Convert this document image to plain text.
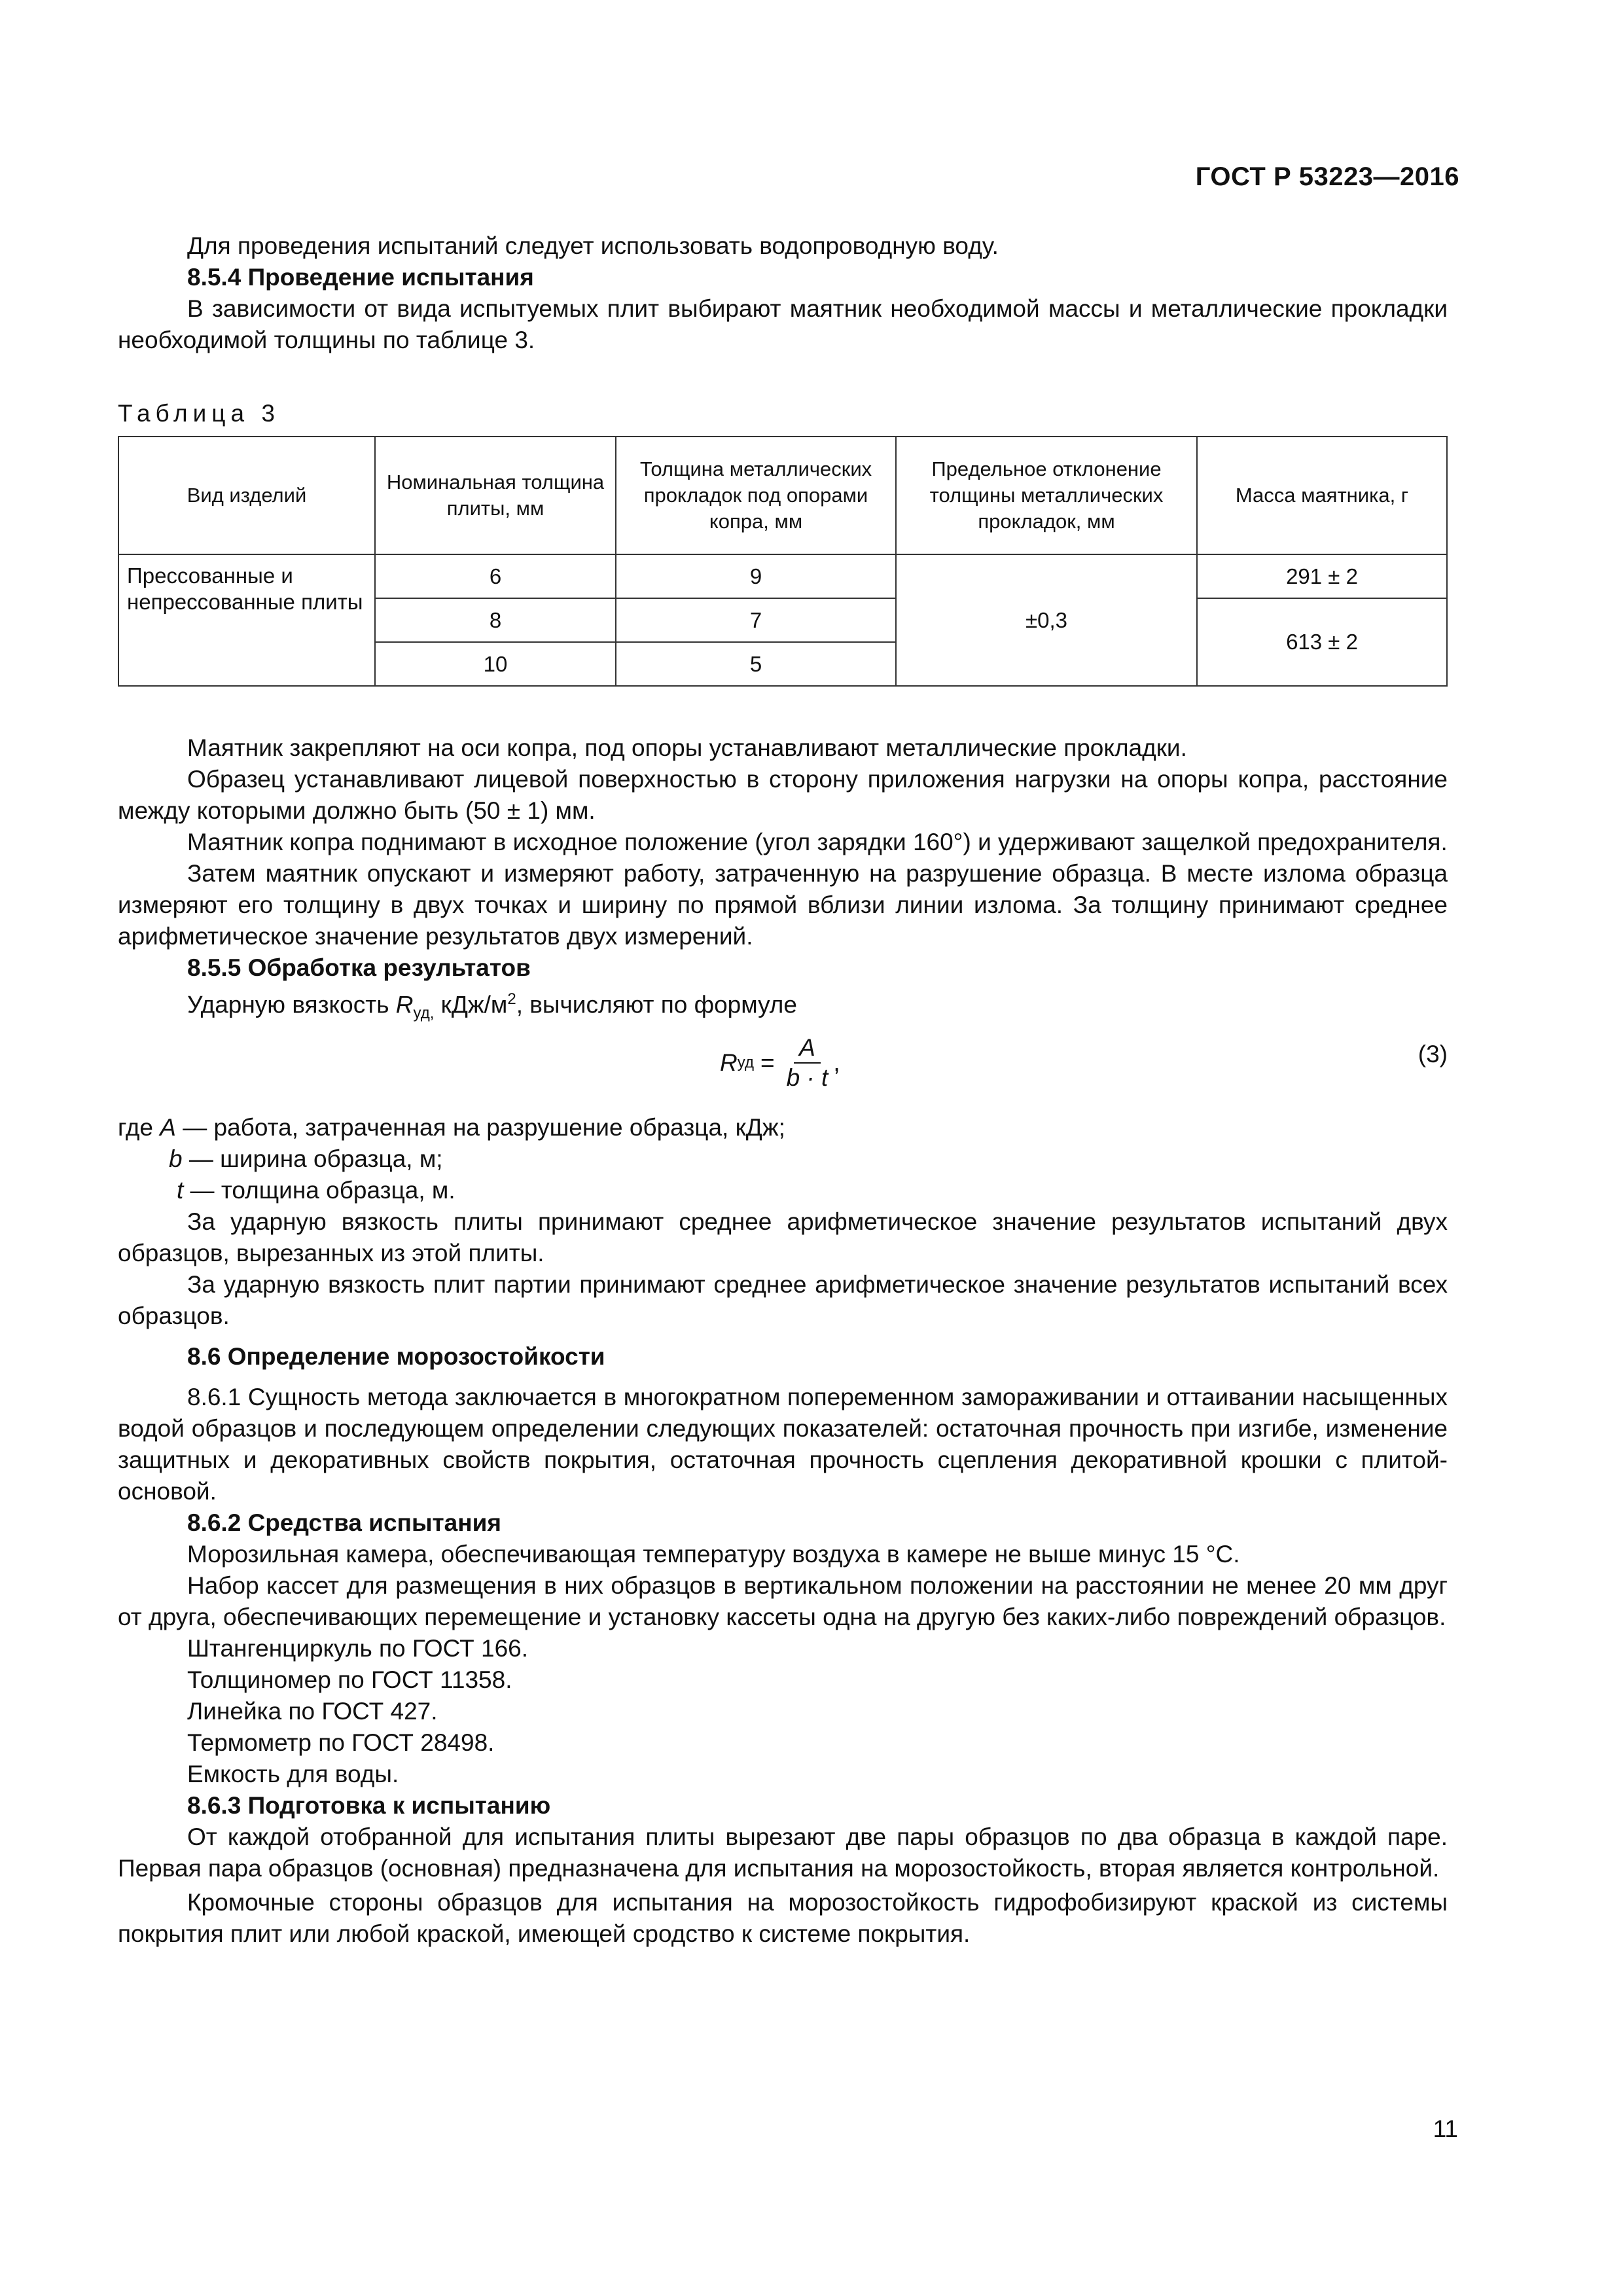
ГОСТ Р 53223—2016

Для проведения испытаний следует использовать водопроводную воду.

8.5.4 Проведение испытания

В зависимости от вида испытуемых плит выбирают маятник необходимой массы и металлические прокладки необходимой толщины по таблице 3.

Таблица 3

Вид изделий	Номинальная толщина плиты, мм	Толщина металлических прокладок под опорами копра, мм	Предельное отклонение толщины металлических прокладок, мм	Масса маятника, г
Прессованные и непрессованные плиты	6	9	±0,3	291 ± 2
	8	7		613 ± 2
	10	5		

Маятник закрепляют на оси копра, под опоры устанавливают металлические прокладки.

Образец устанавливают лицевой поверхностью в сторону приложения нагрузки на опоры копра, расстояние между которыми должно быть (50 ± 1) мм.

Маятник копра поднимают в исходное положение (угол зарядки 160°) и удерживают защелкой предохранителя.

Затем маятник опускают и измеряют работу, затраченную на разрушение образца. В месте излома образца измеряют его толщину в двух точках и ширину по прямой вблизи линии излома. За толщину принимают среднее арифметическое значение результатов двух измерений.

8.5.5 Обработка результатов

Ударную вязкость $R_{уд,}$ кДж/$м^2$, вычисляют по формуле

R уд = $\frac{A}{b \cdot t}$ ,	(3)

где A — работа, затраченная на разрушение образца, кДж;

b — ширина образца, м;

t — толщина образца, м.

За ударную вязкость плиты принимают среднее арифметическое значение результатов испытаний двух образцов, вырезанных из этой плиты.

За ударную вязкость плит партии принимают среднее арифметическое значение результатов испытаний всех образцов.

8.6 Определение морозостойкости

8.6.1 Сущность метода заключается в многократном попеременном замораживании и оттаивании насыщенных водой образцов и последующем определении следующих показателей: остаточная прочность при изгибе, изменение защитных и декоративных свойств покрытия, остаточная прочность сцепления декоративной крошки с плитой-основой.

8.6.2 Средства испытания

Морозильная камера, обеспечивающая температуру воздуха в камере не выше минус 15 °С.

Набор кассет для размещения в них образцов в вертикальном положении на расстоянии не менее 20 мм друг от друга, обеспечивающих перемещение и установку кассеты одна на другую без каких-либо повреждений образцов.

Штангенциркуль по ГОСТ 166.

Толщиномер по ГОСТ 11358.

Линейка по ГОСТ 427.

Термометр по ГОСТ 28498.

Емкость для воды.

8.6.3 Подготовка к испытанию

От каждой отобранной для испытания плиты вырезают две пары образцов по два образца в каждой паре. Первая пара образцов (основная) предназначена для испытания на морозостойкость, вторая является контрольной.

Кромочные стороны образцов для испытания на морозостойкость гидрофобизируют краской из системы покрытия плит или любой краской, имеющей сродство к системе покрытия.

11
